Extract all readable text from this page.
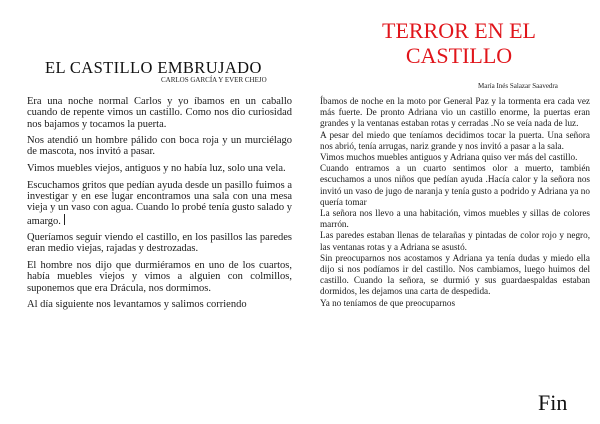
EL CASTILLO EMBRUJADO
CARLOS GARCÍA Y EVER CHEJO

Era una noche normal Carlos y yo íbamos en un caballo cuando de repente vimos un castillo. Como nos dio curiosidad nos bajamos y tocamos la puerta.

Nos atendió un hombre pálido con boca roja y un murciélago de mascota, nos invitó a pasar.

Vimos muebles viejos, antiguos y no había luz, solo una vela.

Escuchamos gritos que pedían ayuda desde un pasillo fuimos a investigar y en ese lugar encontramos una sala con una mesa vieja y un vaso con agua. Cuando lo probé tenía gusto salado y amargo.

Queríamos seguir viendo el castillo, en los pasillos las paredes eran medio viejas, rajadas y destrozadas.

El hombre nos dijo que durmiéramos en uno de los cuartos, había muebles viejos y vimos a alguien con colmillos, suponemos que era Drácula, nos dormimos.

Al día siguiente nos levantamos y salimos corriendo

TERROR EN EL CASTILLO
María Inés Salazar Saavedra

Íbamos de noche en la moto por General Paz y la tormenta era cada vez más fuerte. De pronto Adriana vio un castillo enorme, la puertas eran grandes y la ventanas estaban rotas y cerradas .No se veía nada de luz.

A pesar del miedo que teníamos decidimos tocar la puerta. Una señora nos abrió, tenía arrugas, nariz grande y nos invitó a pasar a la sala.

Vimos muchos muebles antiguos y Adriana quiso ver más del castillo.

Cuando entramos a un cuarto sentimos olor a muerto, también escuchamos a unos niños que pedían ayuda .Hacía calor y la señora nos invitó un vaso de jugo de naranja y tenía gusto a podrido y Adriana ya no quería tomar

La señora nos llevo a una habitación, vimos muebles y sillas de colores marrón.

Las paredes estaban llenas de telarañas y pintadas de color rojo y negro, las ventanas rotas y a Adriana se asustó.

Sin preocuparnos nos acostamos y Adriana ya tenía dudas y miedo ella dijo si nos podíamos ir del castillo. Nos cambiamos, luego huimos del castillo. Cuando la señora, se durmió y sus guardaespaldas estaban dormidos, les dejamos una carta de despedida.

Ya no teníamos de que preocuparnos

Fin
